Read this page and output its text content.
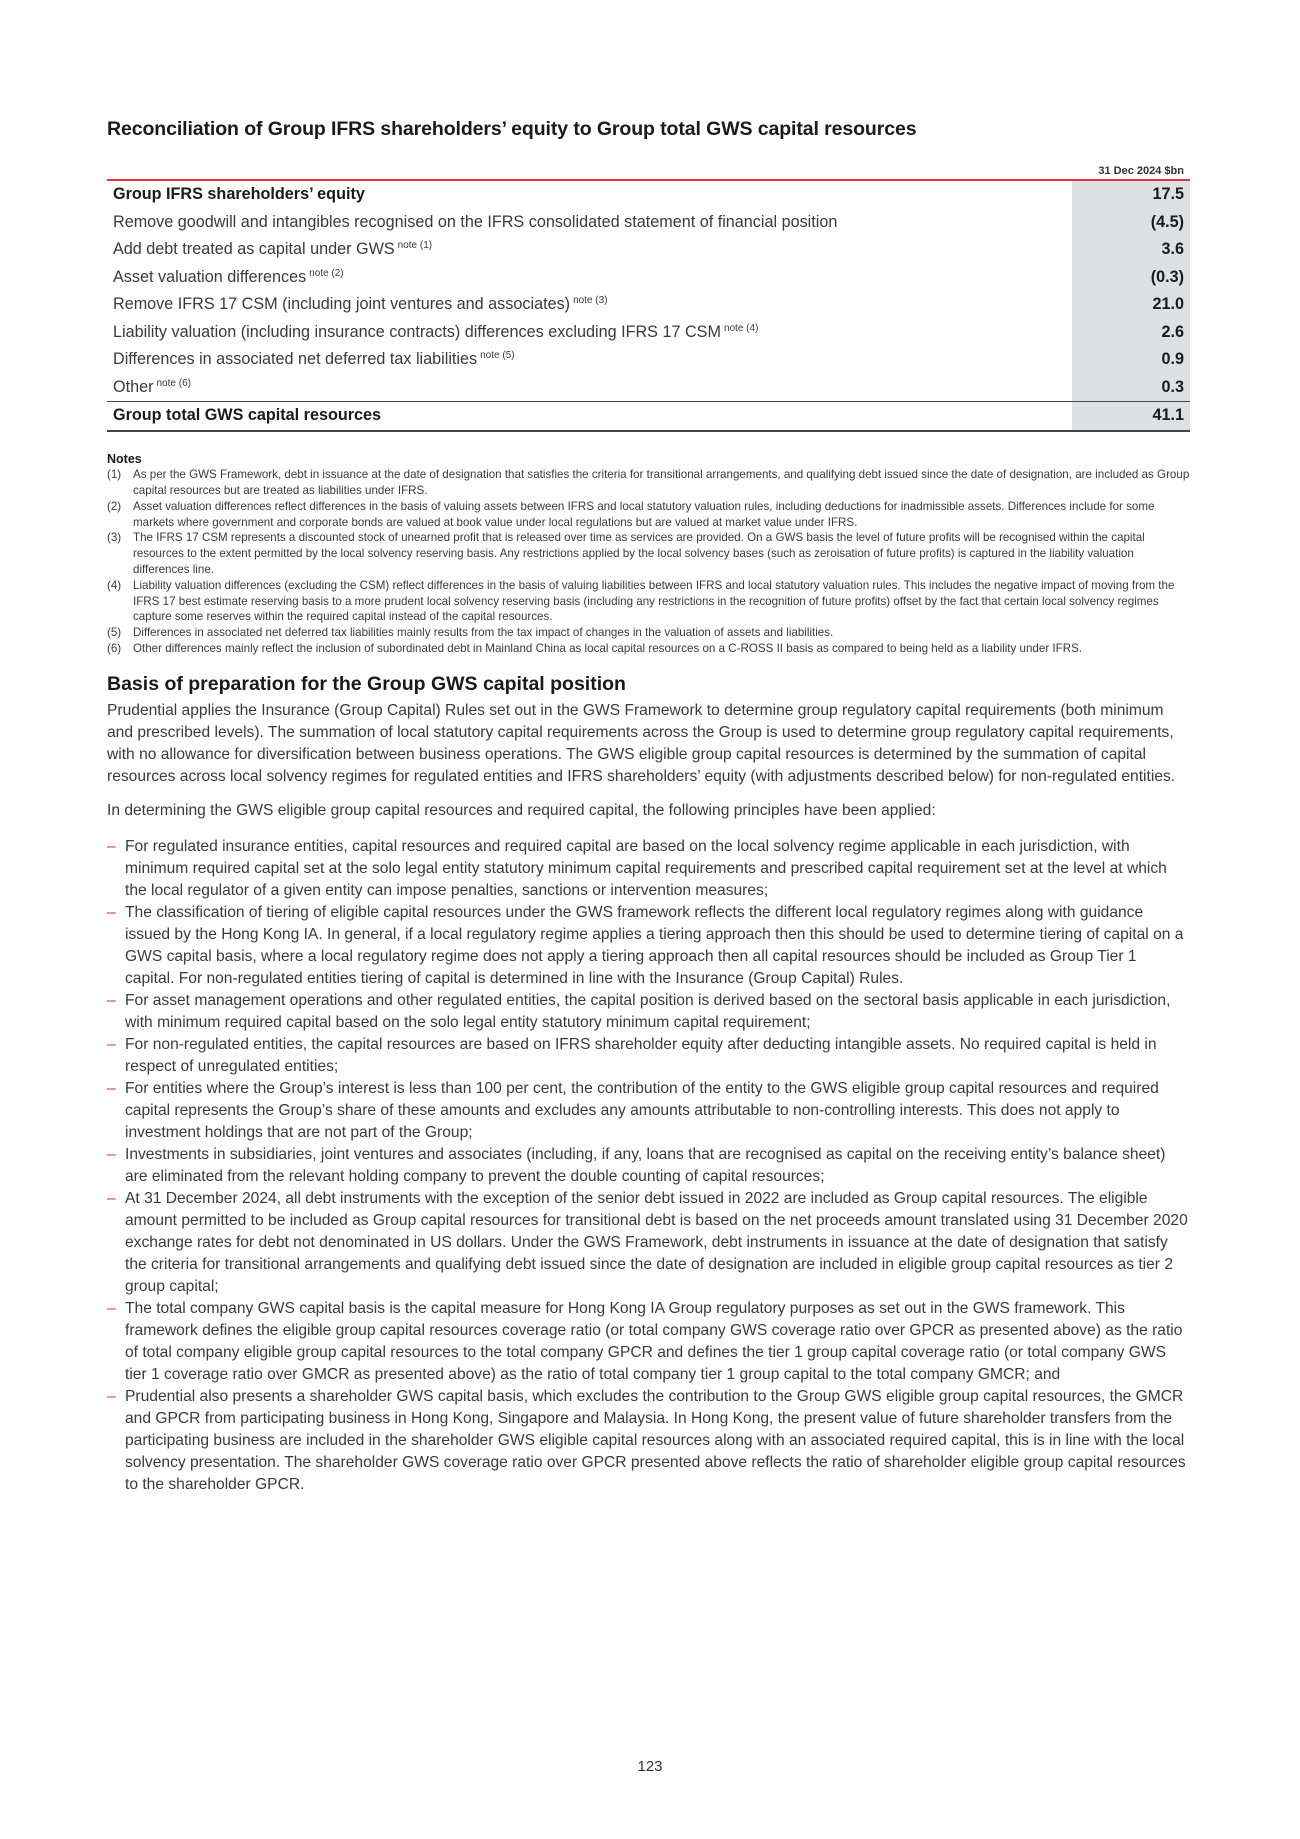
Reconciliation of Group IFRS shareholders’ equity to Group total GWS capital resources
	31 Dec 2024 $bn
Group IFRS shareholders’ equity	17.5
Remove goodwill and intangibles recognised on the IFRS consolidated statement of financial position	(4.5)
Add debt treated as capital under GWS $^{note (1)}$	3.6
Asset valuation differences $^{note (2)}$	(0.3)
Remove IFRS 17 CSM (including joint ventures and associates) $^{note (3)}$	21.0
Liability valuation (including insurance contracts) differences excluding IFRS 17 CSM $^{note (4)}$	2.6
Differences in associated net deferred tax liabilities $^{note (5)}$	0.9
Other $^{note (6)}$	0.3
Group total GWS capital resources	41.1
Notes
(1)	As per the GWS Framework, debt in issuance at the date of designation that satisfies the criteria for transitional arrangements, and qualifying debt issued since the date of designation, are included as Group capital resources but are treated as liabilities under IFRS.
(2)	Asset valuation differences reflect differences in the basis of valuing assets between IFRS and local statutory valuation rules, including deductions for inadmissible assets. Differences include for some markets where government and corporate bonds are valued at book value under local regulations but are valued at market value under IFRS.
(3)	The IFRS 17 CSM represents a discounted stock of unearned profit that is released over time as services are provided. On a GWS basis the level of future profits will be recognised within the capital resources to the extent permitted by the local solvency reserving basis. Any restrictions applied by the local solvency bases (such as zeroisation of future profits) is captured in the liability valuation differences line.
(4)	Liability valuation differences (excluding the CSM) reflect differences in the basis of valuing liabilities between IFRS and local statutory valuation rules. This includes the negative impact of moving from the IFRS 17 best estimate reserving basis to a more prudent local solvency reserving basis (including any restrictions in the recognition of future profits) offset by the fact that certain local solvency regimes capture some reserves within the required capital instead of the capital resources.
(5)	Differences in associated net deferred tax liabilities mainly results from the tax impact of changes in the valuation of assets and liabilities.
(6)	Other differences mainly reflect the inclusion of subordinated debt in Mainland China as local capital resources on a C-ROSS II basis as compared to being held as a liability under IFRS.
Basis of preparation for the Group GWS capital position

Prudential applies the Insurance (Group Capital) Rules set out in the GWS Framework to determine group regulatory capital requirements (both minimum and prescribed levels). The summation of local statutory capital requirements across the Group is used to determine group regulatory capital requirements, with no allowance for diversification between business operations. The GWS eligible group capital resources is determined by the summation of capital resources across local solvency regimes for regulated entities and IFRS shareholders’ equity (with adjustments described below) for non-regulated entities.

In determining the GWS eligible group capital resources and required capital, the following principles have been applied:

– For regulated insurance entities, capital resources and required capital are based on the local solvency regime applicable in each jurisdiction, with minimum required capital set at the solo legal entity statutory minimum capital requirements and prescribed capital requirement set at the level at which the local regulator of a given entity can impose penalties, sanctions or intervention measures;
– The classification of tiering of eligible capital resources under the GWS framework reflects the different local regulatory regimes along with guidance issued by the Hong Kong IA. In general, if a local regulatory regime applies a tiering approach then this should be used to determine tiering of capital on a GWS capital basis, where a local regulatory regime does not apply a tiering approach then all capital resources should be included as Group Tier 1 capital. For non-regulated entities tiering of capital is determined in line with the Insurance (Group Capital) Rules.
– For asset management operations and other regulated entities, the capital position is derived based on the sectoral basis applicable in each jurisdiction, with minimum required capital based on the solo legal entity statutory minimum capital requirement;
– For non-regulated entities, the capital resources are based on IFRS shareholder equity after deducting intangible assets. No required capital is held in respect of unregulated entities;
– For entities where the Group’s interest is less than 100 per cent, the contribution of the entity to the GWS eligible group capital resources and required capital represents the Group’s share of these amounts and excludes any amounts attributable to non-controlling interests. This does not apply to investment holdings that are not part of the Group;
– Investments in subsidiaries, joint ventures and associates (including, if any, loans that are recognised as capital on the receiving entity’s balance sheet) are eliminated from the relevant holding company to prevent the double counting of capital resources;
– At 31 December 2024, all debt instruments with the exception of the senior debt issued in 2022 are included as Group capital resources. The eligible amount permitted to be included as Group capital resources for transitional debt is based on the net proceeds amount translated using 31 December 2020 exchange rates for debt not denominated in US dollars. Under the GWS Framework, debt instruments in issuance at the date of designation that satisfy the criteria for transitional arrangements and qualifying debt issued since the date of designation are included in eligible group capital resources as tier 2 group capital;
– The total company GWS capital basis is the capital measure for Hong Kong IA Group regulatory purposes as set out in the GWS framework. This framework defines the eligible group capital resources coverage ratio (or total company GWS coverage ratio over GPCR as presented above) as the ratio of total company eligible group capital resources to the total company GPCR and defines the tier 1 group capital coverage ratio (or total company GWS tier 1 coverage ratio over GMCR as presented above) as the ratio of total company tier 1 group capital to the total company GMCR; and
– Prudential also presents a shareholder GWS capital basis, which excludes the contribution to the Group GWS eligible group capital resources, the GMCR and GPCR from participating business in Hong Kong, Singapore and Malaysia. In Hong Kong, the present value of future shareholder transfers from the participating business are included in the shareholder GWS eligible capital resources along with an associated required capital, this is in line with the local solvency presentation. The shareholder GWS coverage ratio over GPCR presented above reflects the ratio of shareholder eligible group capital resources to the shareholder GPCR.
123
